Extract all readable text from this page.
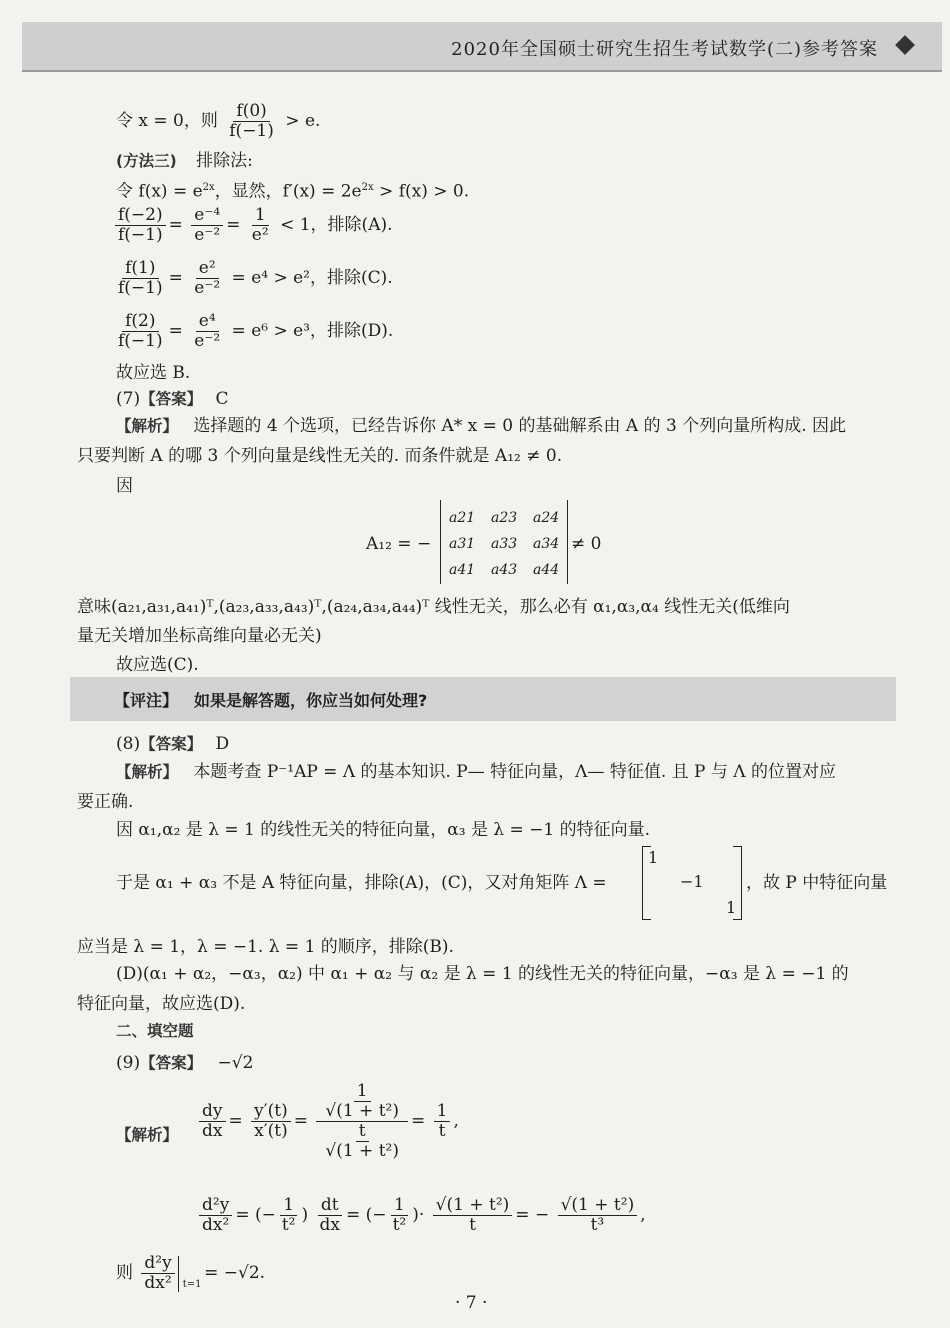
2020年全国硕士研究生招生考试数学(二)参考答案
令 x = 0，则 $\frac{f(0)}{f(-1)} > e$.
(方法三) 排除法:
令 $f(x) = e^{2x}$，显然，$f'(x) = 2e^{2x} > f(x) > 0$.
$\frac{f(-2)}{f(-1)} = \frac{\text{e⁻⁴}}{\text{e⁻²}} = \frac{1}{\text{e²}} < 1$，排除(A).
$\frac{f(1)}{f(-1)} = \frac{\text{e²}}{\text{e⁻²}} = e^4 > e^2$，排除(C).
$\frac{f(2)}{f(-1)} = \frac{\text{e⁴}}{\text{e⁻²}} = e^6 > e^3$，排除(D).
故应选 B.
(7)【答案】 C
【解析】 选择题的 4 个选项，已经告诉你 A* x = 0 的基础解系由 A 的 3 个列向量所构成. 因此
只要判断 A 的哪 3 个列向量是线性无关的. 而条件就是 A₁₂ ≠ 0.
因
A₁₂ = −
a21 a23 a24
a31 a33 a34
a41 a43 a44
≠ 0
意味(a₂₁,a₃₁,a₄₁)ᵀ,(a₂₃,a₃₃,a₄₃)ᵀ,(a₂₄,a₃₄,a₄₄)ᵀ 线性无关，那么必有 α₁,α₃,α₄ 线性无关(低维向
量无关增加坐标高维向量必无关)
故应选(C).
【评注】 如果是解答题，你应当如何处理?
(8)【答案】 D
【解析】 本题考查 P⁻¹AP = Λ 的基本知识. P— 特征向量，Λ— 特征值. 且 P 与 Λ 的位置对应
要正确.
因 α₁,α₂ 是 λ = 1 的线性无关的特征向量，α₃ 是 λ = −1 的特征向量.
于是 α₁ + α₃ 不是 A 特征向量，排除(A)，(C)，又对角矩阵 Λ =
1
−1
1
，故 P 中特征向量
应当是 λ = 1，λ = −1. λ = 1 的顺序，排除(B).
(D)(α₁ + α₂，−α₃，α₂) 中 α₁ + α₂ 与 α₂ 是 λ = 1 的线性无关的特征向量，−α₃ 是 λ = −1 的
特征向量，故应选(D).
二、填空题
(9)【答案】 −√2
【解析】 $\frac{dy}{dx} = \frac{y'(t)}{x'(t)} = \frac{\frac{1}{\text{√(1 + t²)}}}{\frac{t}{\text{√(1 + t²)}}} = \frac{1}{t}$ ,
$\frac{\text{d²y}}{\text{dx²}}$ = (− $\frac{1}{\text{t²}}$ ) $\frac{dt}{dx}$ = (− $\frac{1}{\text{t²}}$ )· $\frac{\text{√(1 + t²)}}{t}$ = − $\frac{\text{√(1 + t²)}}{\text{t³}}$ ,
则 $\frac{\text{d²y}}{\text{dx²}} t=1$
= −√2.
· 7 ·
